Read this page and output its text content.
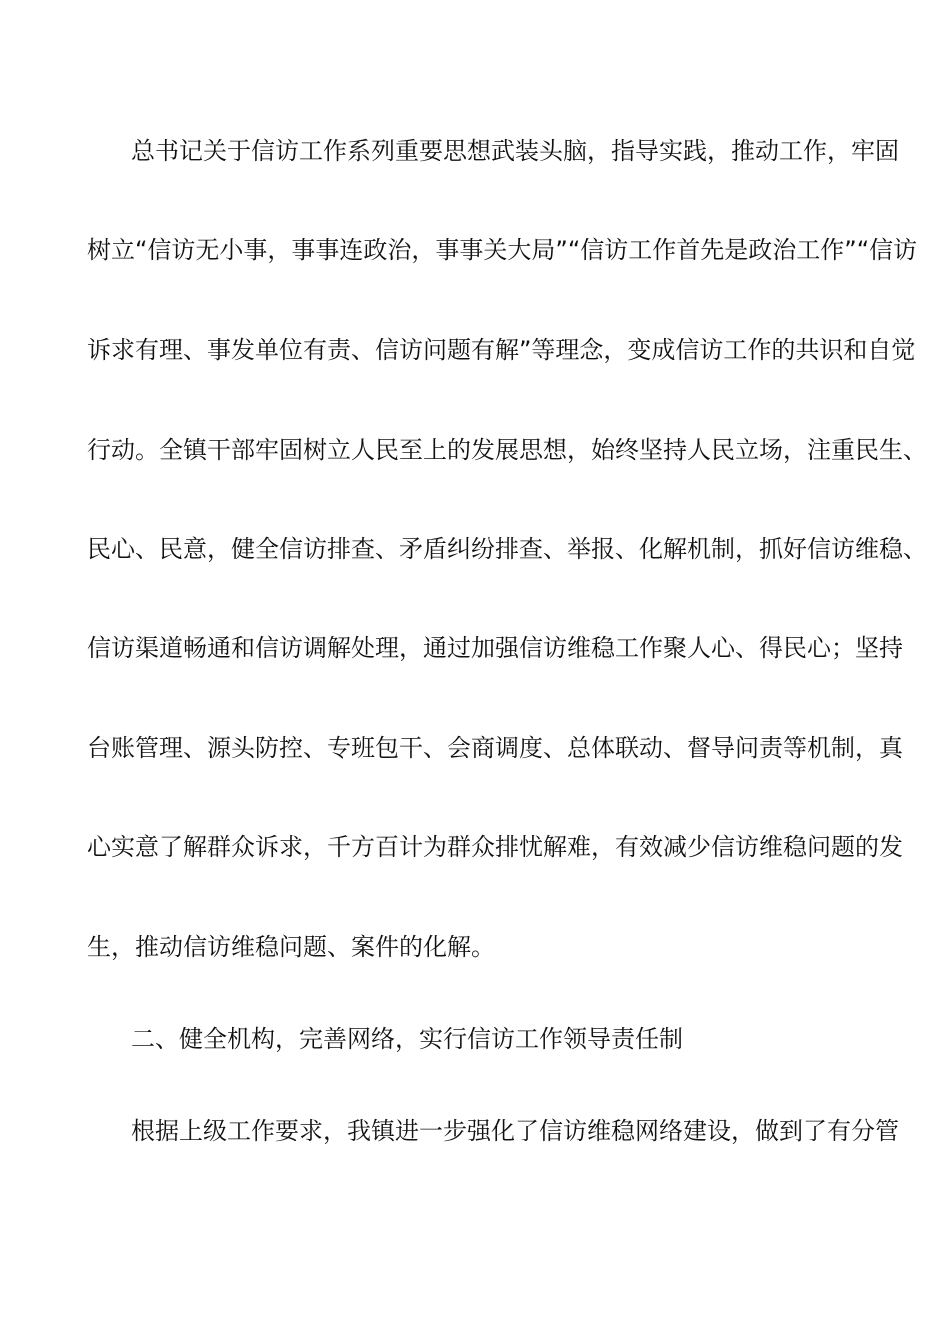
总书记关于信访工作系列重要思想武装头脑，指导实践，推动工作，牢固
树立“信访无小事，事事连政治，事事关大局”“信访工作首先是政治工作”“信访
诉求有理、事发单位有责、信访问题有解”等理念，变成信访工作的共识和自觉
行动。全镇干部牢固树立人民至上的发展思想，始终坚持人民立场，注重民生、
民心、民意，健全信访排查、矛盾纠纷排查、举报、化解机制，抓好信访维稳、
信访渠道畅通和信访调解处理，通过加强信访维稳工作聚人心、得民心；坚持
台账管理、源头防控、专班包干、会商调度、总体联动、督导问责等机制，真
心实意了解群众诉求，千方百计为群众排忧解难，有效减少信访维稳问题的发
生，推动信访维稳问题、案件的化解。
二、健全机构，完善网络，实行信访工作领导责任制
根据上级工作要求，我镇进一步强化了信访维稳网络建设，做到了有分管
